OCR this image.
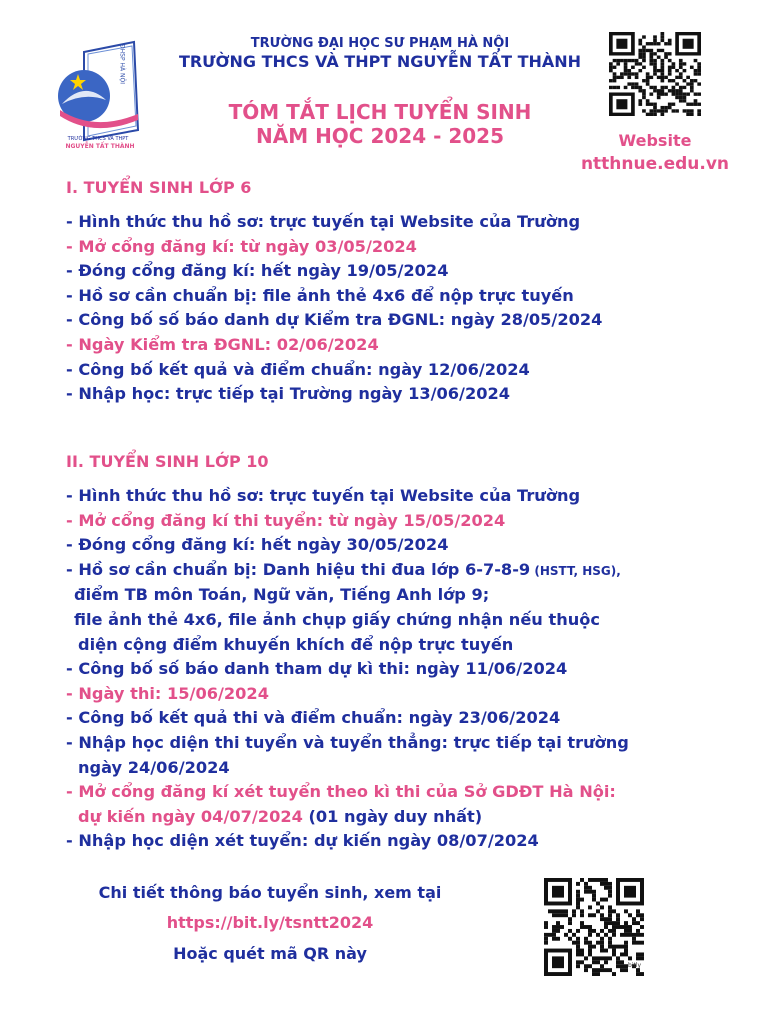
ĐHSP HÀ NỘI
TRƯỜNG THCS VÀ THPT
NGUYỄN TẤT THÀNH
TRƯỜNG ĐẠI HỌC SƯ PHẠM HÀ NỘI
TRƯỜNG THCS VÀ THPT NGUYỄN TẤT THÀNH
TÓM TẮT LỊCH TUYỂN SINH
NĂM HỌC 2024 - 2025	Website
ntthnue.edu.vn
I. TUYỂN SINH LỚP 6
- Hình thức thu hồ sơ: trực tuyến tại Website của Trường
- Mở cổng đăng kí: từ ngày 03/05/2024
- Đóng cổng đăng kí: hết ngày 19/05/2024
- Hồ sơ cần chuẩn bị: file ảnh thẻ 4x6 để nộp trực tuyến
- Công bố số báo danh dự Kiểm tra ĐGNL: ngày 28/05/2024
- Ngày Kiểm tra ĐGNL: 02/06/2024
- Công bố kết quả và điểm chuẩn: ngày 12/06/2024
- Nhập học: trực tiếp tại Trường ngày 13/06/2024
II. TUYỂN SINH LỚP 10
- Hình thức thu hồ sơ: trực tuyến tại Website của Trường
- Mở cổng đăng kí thi tuyển: từ ngày 15/05/2024
- Đóng cổng đăng kí: hết ngày 30/05/2024
- Hồ sơ cần chuẩn bị: Danh hiệu thi đua lớp 6-7-8-9 (HSTT, HSG),
điểm TB môn Toán, Ngữ văn, Tiếng Anh lớp 9;
file ảnh thẻ 4x6, file ảnh chụp giấy chứng nhận nếu thuộc
diện cộng điểm khuyến khích để nộp trực tuyến
- Công bố số báo danh tham dự kì thi: ngày 11/06/2024
- Ngày thi: 15/06/2024
- Công bố kết quả thi và điểm chuẩn: ngày 23/06/2024
- Nhập học diện thi tuyển và tuyển thẳng: trực tiếp tại trường
ngày 24/06/2024
- Mở cổng đăng kí xét tuyển theo kì thi của Sở GDĐT Hà Nội:
dự kiến ngày 04/07/2024 (01 ngày duy nhất)
- Nhập học diện xét tuyển: dự kiến ngày 08/07/2024
Chi tiết thông báo tuyển sinh, xem tại
https://bit.ly/tsntt2024
Hoặc quét mã QR này
bitly
